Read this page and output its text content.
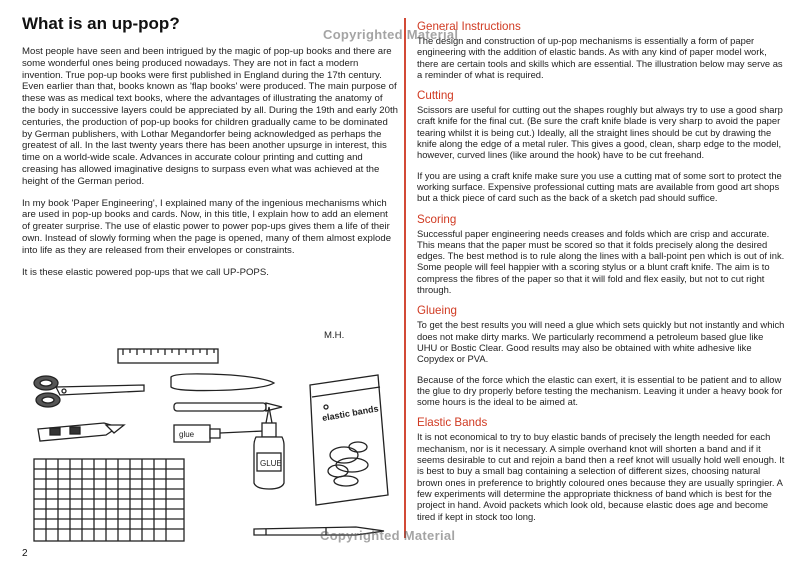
What is an up-pop?

Most people have seen and been intrigued by the magic of pop-up books and there are some wonderful ones being produced nowadays. They are not in fact a modern invention. True pop-up books were first published in England during the 17th century. Even earlier than that, books known as 'flap books' were produced. The main purpose of these was as medical text books, where the advantages of illustrating the anatomy of the body in successive layers could be appreciated by all. During the 19th and early 20th centuries, the production of pop-up books for children gradually came to be dominated by German publishers, with Lothar Megandorfer being acknowledged as perhaps the greatest of all. In the last twenty years there has been another upsurge in interest, this time on a world-wide scale. Advances in accurate colour printing and cutting and creasing has allowed imaginative designs to surpass even what was achieved at the height of the German period.

In my book 'Paper Engineering', I explained many of the ingenious mechanisms which are used in pop-up books and cards. Now, in this title, I explain how to add an element of greater surprise. The use of elastic power to power pop-ups gives them a life of their own. Instead of slowly forming when the page is opened, many of them almost explode into life as they are released from their envelopes or constraints.

It is these elastic powered pop-ups that we call UP-POPS.

M.H.
glue
GLUE
elastic bands
General Instructions

The design and construction of up-pop mechanisms is essentially a form of paper engineering with the addition of elastic bands. As with any kind of paper model work, there are certain tools and skills which are essential. The illustration below may serve as a reminder of what is required.

Cutting

Scissors are useful for cutting out the shapes roughly but always try to use a good sharp craft knife for the final cut. (Be sure the craft knife blade is very sharp to avoid the paper tearing whilst it is being cut.) Ideally, all the straight lines should be cut by drawing the knife along the edge of a metal ruler. This gives a good, clean, sharp edge to the model, however, curved lines (like around the hook) have to be cut freehand.

If you are using a craft knife make sure you use a cutting mat of some sort to protect the working surface. Expensive professional cutting mats are available from good art shops but a thick piece of card such as the back of a sketch pad should suffice.

Scoring

Successful paper engineering needs creases and folds which are crisp and accurate. This means that the paper must be scored so that it folds precisely along the desired edges. The best method is to rule along the lines with a ball-point pen which is out of ink. Some people will feel happier with a scoring stylus or a blunt craft knife. The aim is to compress the fibres of the paper so that it will fold and flex easily, but not to cut right through.

Glueing

To get the best results you will need a glue which sets quickly but not instantly and which does not make dirty marks. We particularly recommend a petroleum based glue like UHU or Bostic Clear. Good results may also be obtained with white adhesive like Copydex or PVA.

Because of the force which the elastic can exert, it is essential to be patient and to allow the glue to dry properly before testing the mechanism. Leaving it under a heavy book for some hours is the ideal to be aimed at.

Elastic Bands

It is not economical to try to buy elastic bands of precisely the length needed for each mechanism, nor is it necessary. A simple overhand knot will shorten a band and if it seems desirable to cut and rejoin a band then a reef knot will usually hold well enough. It is best to buy a small bag containing a selection of different sizes, choosing natural brown ones in preference to brightly coloured ones because they are usually springier. A few experiments will determine the appropriate thickness of band which is best for the project in hand. Avoid packets which look old, because elastic does age and become tired if kept in stock too long.

Copyrighted Material
Copyrighted Material
2
